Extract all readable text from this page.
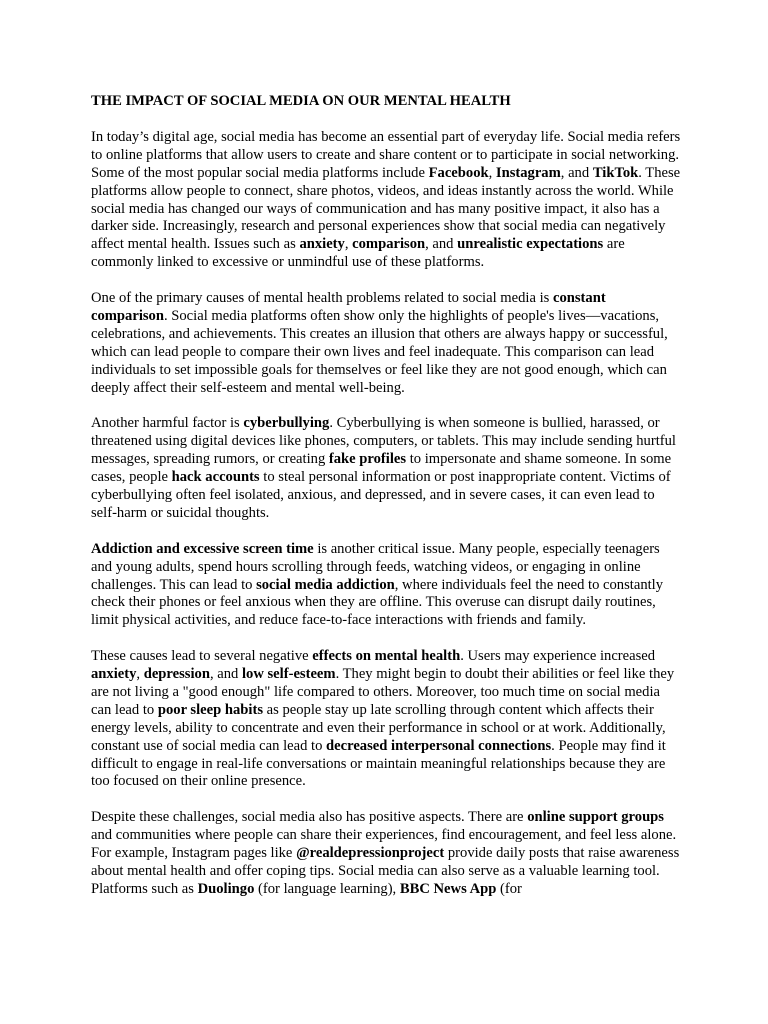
THE IMPACT OF SOCIAL MEDIA ON OUR MENTAL HEALTH

In today’s digital age, social media has become an essential part of everyday life. Social media refers to online platforms that allow users to create and share content or to participate in social networking. Some of the most popular social media platforms include Facebook, Instagram, and TikTok. These platforms allow people to connect, share photos, videos, and ideas instantly across the world. While social media has changed our ways of communication and has many positive impact, it also has a darker side. Increasingly, research and personal experiences show that social media can negatively affect mental health. Issues such as anxiety, comparison, and unrealistic expectations are commonly linked to excessive or unmindful use of these platforms.

One of the primary causes of mental health problems related to social media is constant comparison. Social media platforms often show only the highlights of people's lives—vacations, celebrations, and achievements. This creates an illusion that others are always happy or successful, which can lead people to compare their own lives and feel inadequate. This comparison can lead individuals to set impossible goals for themselves or feel like they are not good enough, which can deeply affect their self-esteem and mental well-being.

Another harmful factor is cyberbullying. Cyberbullying is when someone is bullied, harassed, or threatened using digital devices like phones, computers, or tablets. This may include sending hurtful messages, spreading rumors, or creating fake profiles to impersonate and shame someone. In some cases, people hack accounts to steal personal information or post inappropriate content. Victims of cyberbullying often feel isolated, anxious, and depressed, and in severe cases, it can even lead to self-harm or suicidal thoughts.

Addiction and excessive screen time is another critical issue. Many people, especially teenagers and young adults, spend hours scrolling through feeds, watching videos, or engaging in online challenges. This can lead to social media addiction, where individuals feel the need to constantly check their phones or feel anxious when they are offline. This overuse can disrupt daily routines, limit physical activities, and reduce face-to-face interactions with friends and family.

These causes lead to several negative effects on mental health. Users may experience increased anxiety, depression, and low self-esteem. They might begin to doubt their abilities or feel like they are not living a "good enough" life compared to others. Moreover, too much time on social media can lead to poor sleep habits as people stay up late scrolling through content which affects their energy levels, ability to concentrate and even their performance in school or at work. Additionally, constant use of social media can lead to decreased interpersonal connections. People may find it difficult to engage in real-life conversations or maintain meaningful relationships because they are too focused on their online presence.

Despite these challenges, social media also has positive aspects. There are online support groups and communities where people can share their experiences, find encouragement, and feel less alone. For example, Instagram pages like @realdepressionproject provide daily posts that raise awareness about mental health and offer coping tips. Social media can also serve as a valuable learning tool. Platforms such as Duolingo (for language learning), BBC News App (for
